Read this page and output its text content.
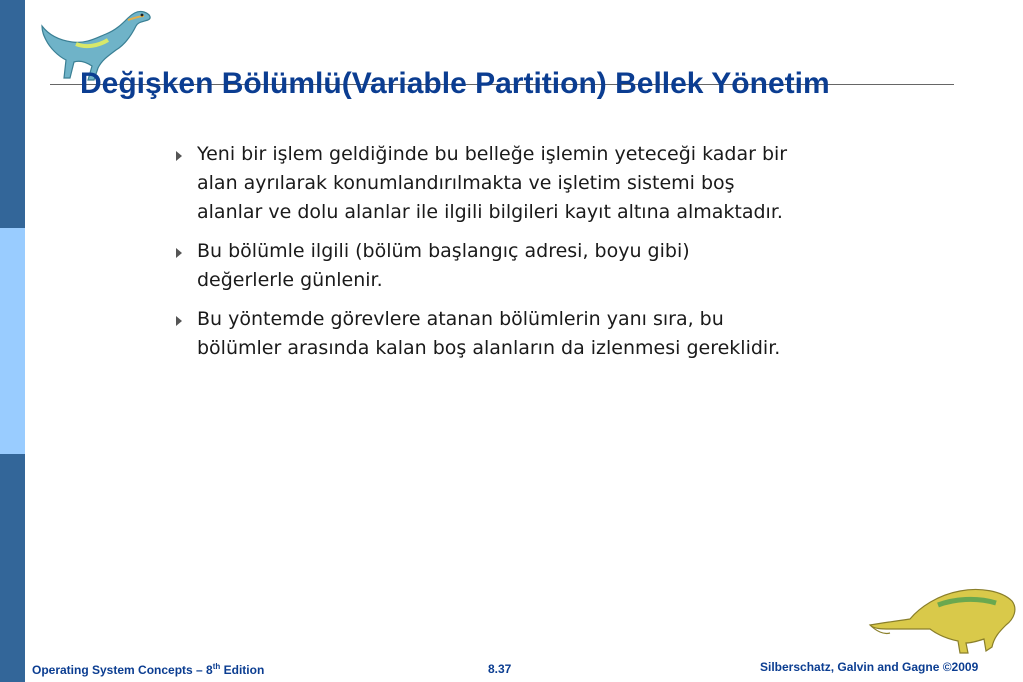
Değişken Bölümlü(Variable Partition) Bellek Yönetim
Yeni bir işlem geldiğinde bu belleğe işlemin yeteceği kadar bir alan ayrılarak konumlandırılmakta ve işletim sistemi boş alanlar ve dolu alanlar ile ilgili bilgileri kayıt altına almaktadır.
Bu bölümle ilgili (bölüm başlangıç adresi, boyu gibi) değerlerle günlenir.
Bu yöntemde görevlere atanan bölümlerin yanı sıra, bu bölümler arasında kalan boş alanların da izlenmesi gereklidir.
Operating System Concepts – 8th Edition	8.37	Silberschatz, Galvin and Gagne ©2009
